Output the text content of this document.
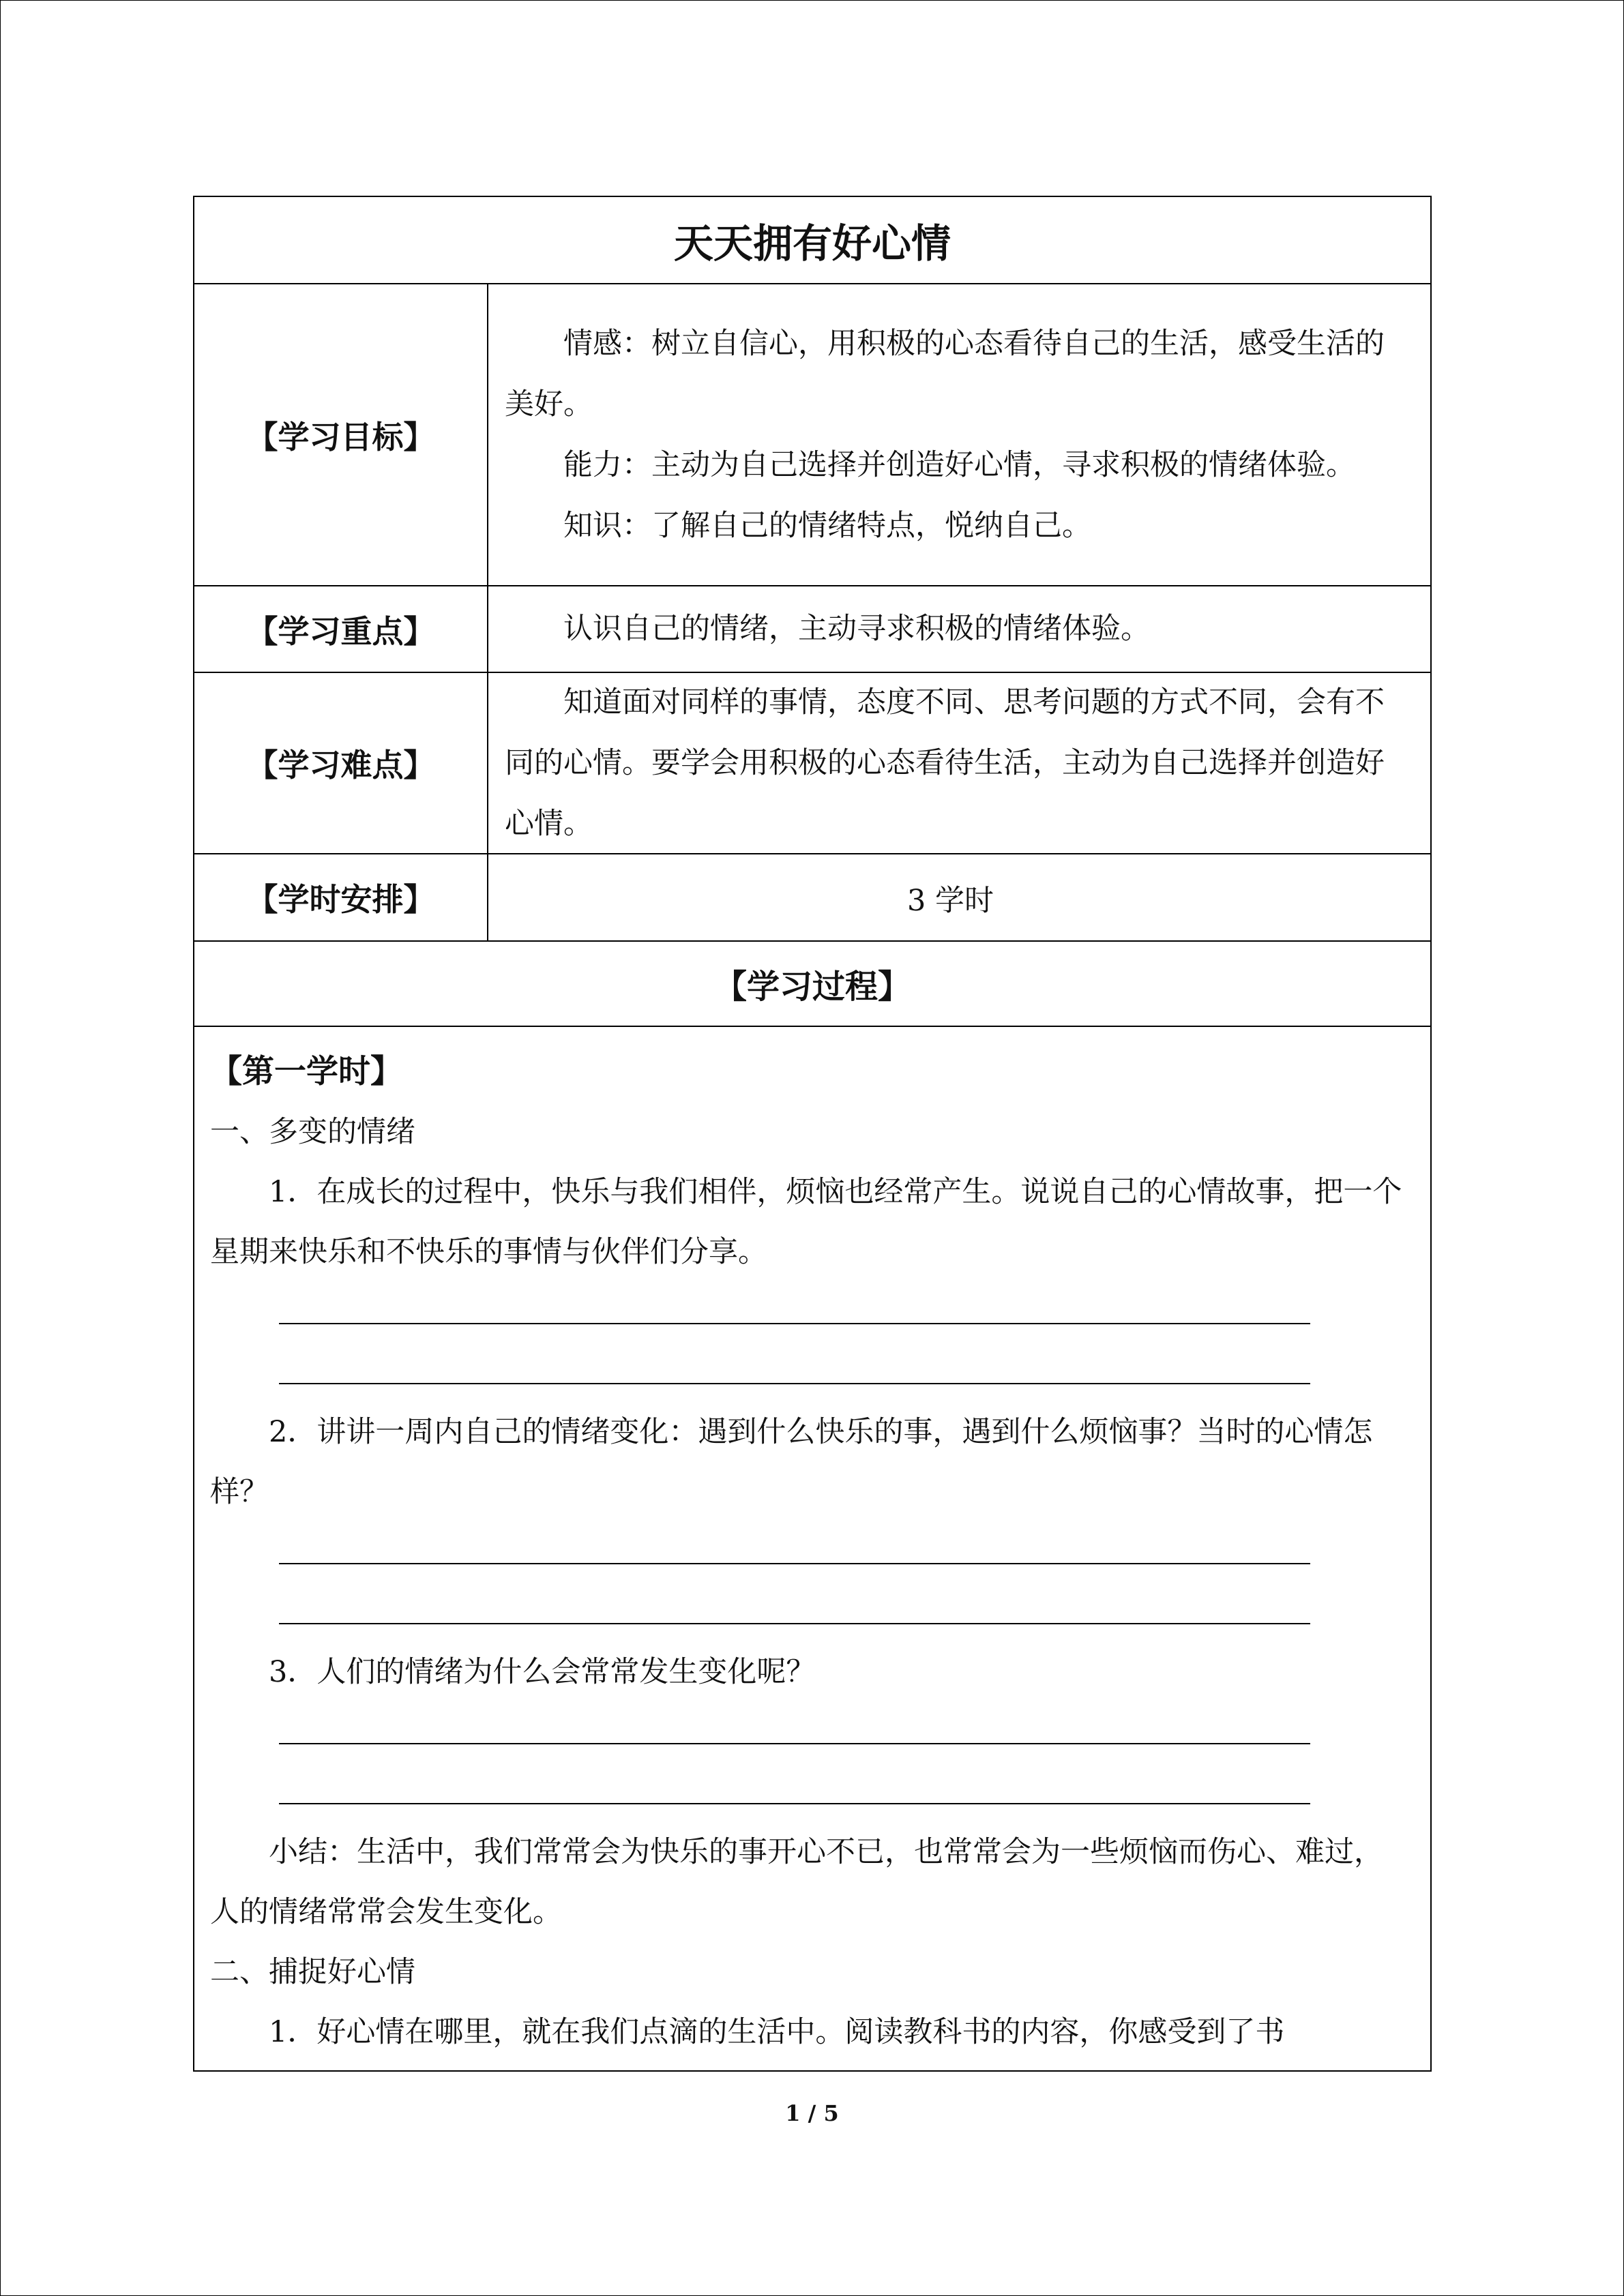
天天拥有好心情
【学习目标】

情感：树立自信心，用积极的心态看待自己的生活，感受生活的美好。

能力：主动为自己选择并创造好心情，寻求积极的情绪体验。

知识：了解自己的情绪特点，悦纳自己。

【学习重点】	认识自己的情绪，主动寻求积极的情绪体验。

【学习难点】

知道面对同样的事情，态度不同、思考问题的方式不同，会有不同的心情。要学会用积极的心态看待生活，主动为自己选择并创造好心情。

【学时安排】	3 学时
【学习过程】

【第一学时】

一、多变的情绪

1．在成长的过程中，快乐与我们相伴，烦恼也经常产生。说说自己的心情故事，把一个星期来快乐和不快乐的事情与伙伴们分享。

2．讲讲一周内自己的情绪变化：遇到什么快乐的事，遇到什么烦恼事？当时的心情怎样？

3．人们的情绪为什么会常常发生变化呢？

小结：生活中，我们常常会为快乐的事开心不已，也常常会为一些烦恼而伤心、难过，人的情绪常常会发生变化。

二、捕捉好心情

1．好心情在哪里，就在我们点滴的生活中。阅读教科书的内容，你感受到了书

1 / 5
